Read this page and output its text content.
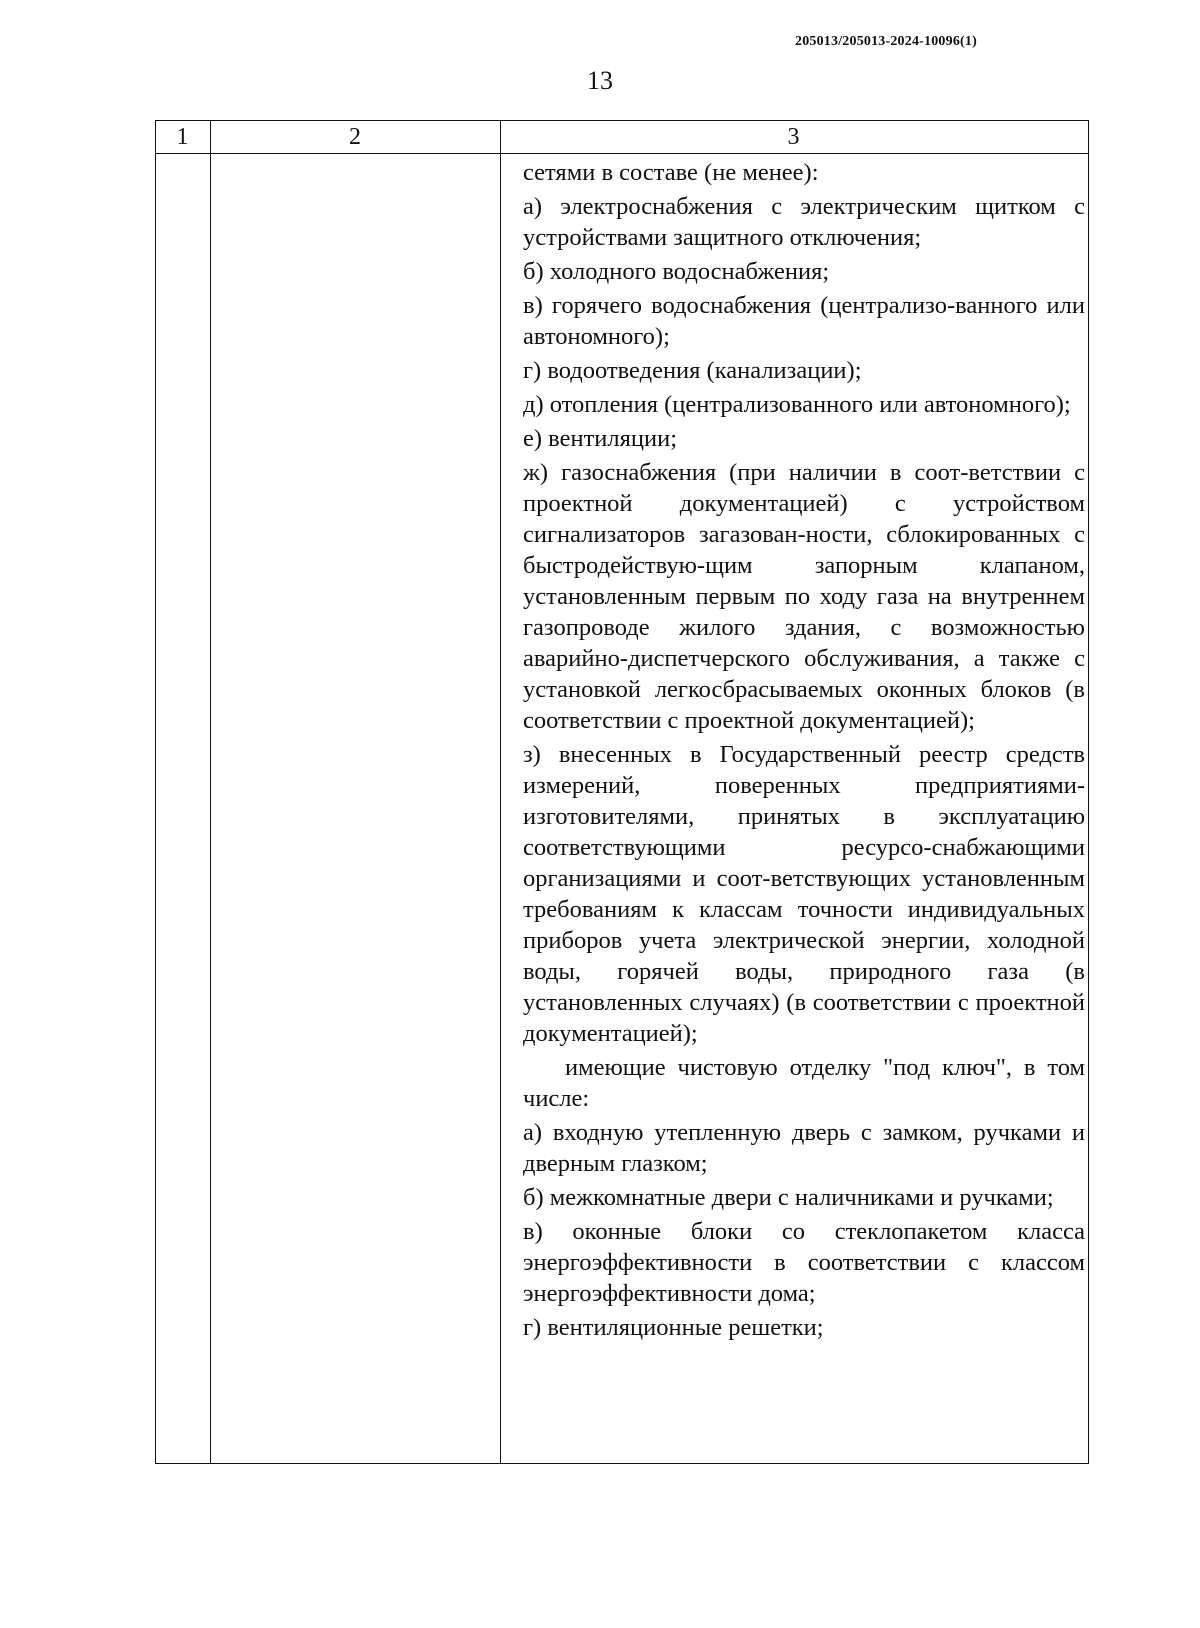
205013/205013-2024-10096(1)
13
1	2	3

сетями в составе (не менее):

а) электроснабжения с электрическим щитком с устройствами защитного отключения;

б) холодного водоснабжения;

в) горячего водоснабжения (централизо-ванного или автономного);

г) водоотведения (канализации);

д) отопления (централизованного или автономного);

е) вентиляции;

ж) газоснабжения (при наличии в соот-ветствии с проектной документацией) с устройством сигнализаторов загазован-ности, сблокированных с быстродействую-щим запорным клапаном, установленным первым по ходу газа на внутреннем газопроводе жилого здания, с возможностью аварийно-диспетчерского обслуживания, а также с установкой легкосбрасываемых оконных блоков (в соответствии с проектной документацией);

з) внесенных в Государственный реестр средств измерений, поверенных предприятиями-изготовителями, принятых в эксплуатацию соответствующими ресурсо-снабжающими организациями и соот-ветствующих установленным требованиям к классам точности индивидуальных приборов учета электрической энергии, холодной воды, горячей воды, природного газа (в установленных случаях) (в соответствии с проектной документацией);

имеющие чистовую отделку "под ключ", в том числе:

а) входную утепленную дверь с замком, ручками и дверным глазком;

б) межкомнатные двери с наличниками и ручками;

в) оконные блоки со стеклопакетом класса энергоэффективности в соответствии с классом энергоэффективности дома;

г) вентиляционные решетки;
